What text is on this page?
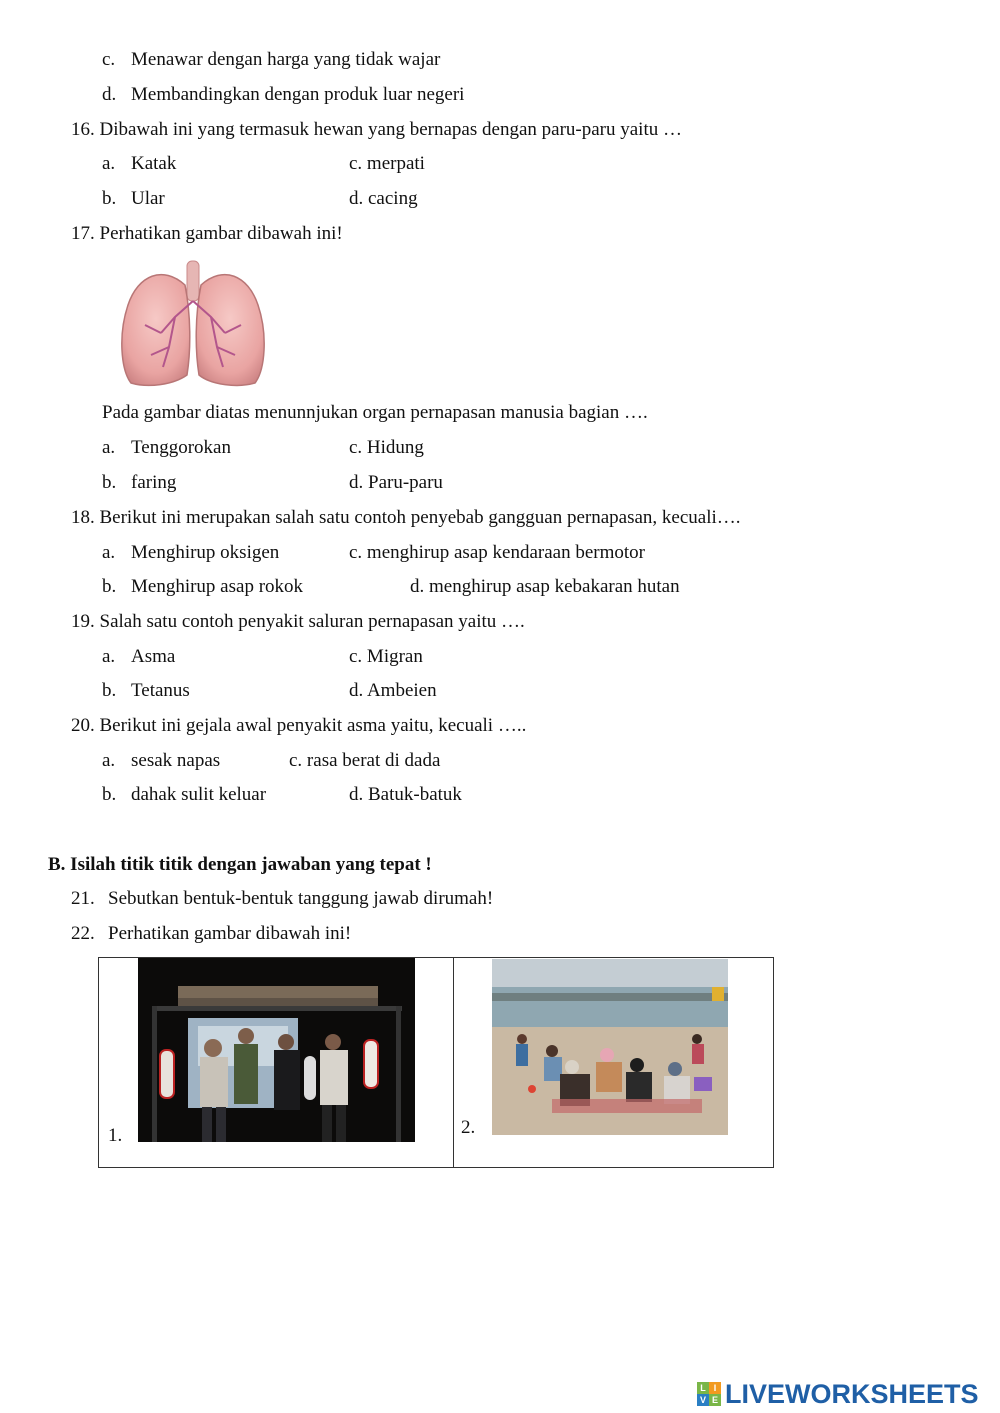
c. Menawar dengan harga yang tidak wajar
d. Membandingkan dengan produk luar negeri
16. Dibawah ini yang termasuk hewan yang bernapas dengan paru-paru yaitu …
a. Katak	c. merpati
b. Ular	d. cacing
17. Perhatikan gambar dibawah ini!
Pada gambar diatas menunnjukan organ pernapasan manusia bagian ….
a. Tenggorokan	c. Hidung
b. faring	d. Paru-paru
18. Berikut ini merupakan salah satu contoh penyebab gangguan pernapasan, kecuali….
a. Menghirup oksigen	c. menghirup asap kendaraan bermotor
b. Menghirup asap rokok	d. menghirup asap kebakaran hutan
19. Salah satu contoh penyakit saluran pernapasan yaitu ….
a. Asma	c. Migran
b. Tetanus	d. Ambeien
20. Berikut ini gejala awal penyakit asma yaitu, kecuali …..
a. sesak napas	c. rasa berat di dada
b. dahak sulit keluar	d. Batuk-batuk
B. Isilah titik titik dengan jawaban yang tepat !
21. Sebutkan bentuk-bentuk tanggung jawab dirumah!
22. Perhatikan gambar dibawah ini!
1.	2.
L I
V E LIVEWORKSHEETS
